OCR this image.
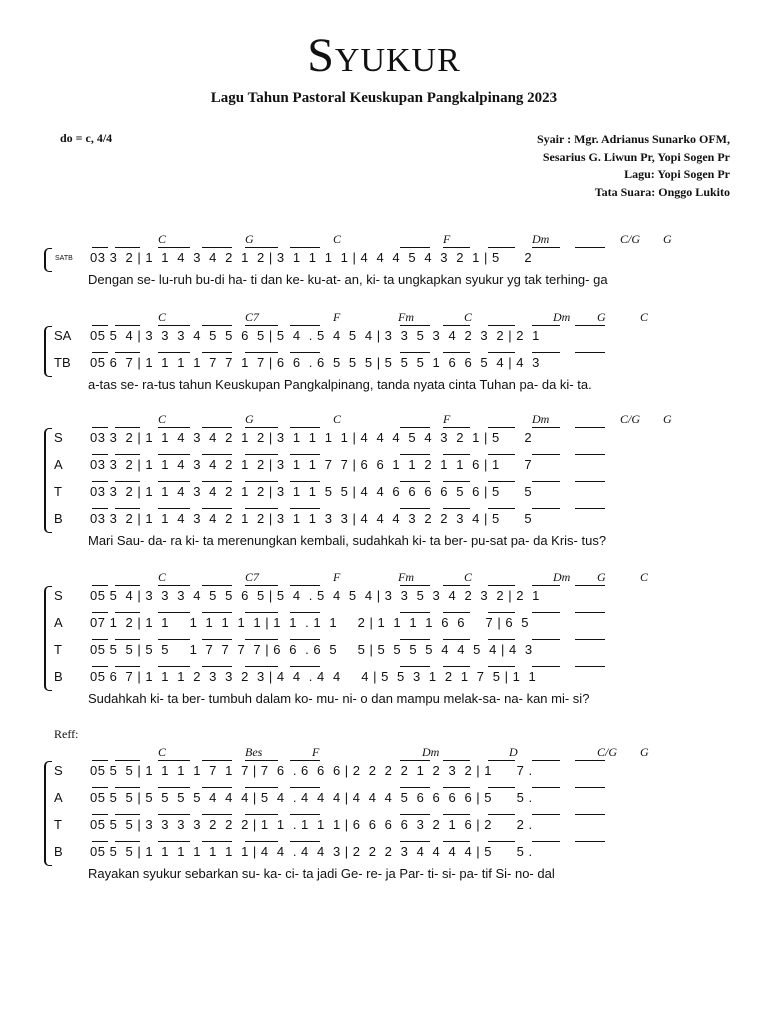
Syukur
Lagu Tahun Pastoral Keuskupan Pangkalpinang 2023
do = c, 4/4	Syair : Mgr. Adrianus Sunarko OFM,
Sesarius G. Liwun Pr, Yopi Sogen Pr
Lagu: Yopi Sogen Pr
Tata Suara: Onggo Lukito
Reff:
C	G	C	F	Dm	C/G G
SATB 03 3  2 | 1  1  4  3  4  2  1  2 | 3  1  1  1  1 | 4  4  4  5  4  3  2  1 | 5      2
Dengan se- lu-ruh bu-di ha- ti dan ke- ku-at- an, ki- ta ungkapkan syukur yg tak terhing- ga
C	C7	F	Fm	C	Dm G	C
SA 05 5  4 | 3  3  3  4  5  5  6  5 | 5  4  . 5  4  5  4 | 3  3  5  3  4  2  3  2 | 2  1
TB 05 6  7 | 1  1  1  1  7  7  1  7 | 6  6  . 6  5  5  5 | 5  5  5  1  6  6  5  4 | 4  3
a-tas se- ra-tus tahun Keuskupan Pangkalpinang, tanda nyata cinta Tuhan pa- da ki- ta.
C	G	C	F	Dm	C/G G
S 03 3  2 | 1  1  4  3  4  2  1  2 | 3  1  1  1  1 | 4  4  4  5  4  3  2  1 | 5      2
A 03 3  2 | 1  1  4  3  4  2  1  2 | 3  1  1  7  7 | 6  6  1  1  2  1  1  6 | 1      7
T 03 3  2 | 1  1  4  3  4  2  1  2 | 3  1  1  5  5 | 4  4  6  6  6  6  5  6 | 5      5
B 03 3  2 | 1  1  4  3  4  2  1  2 | 3  1  1  3  3 | 4  4  4  3  2  2  3  4 | 5      5
Mari Sau- da- ra ki- ta merenungkan kembali, sudahkah ki- ta ber- pu-sat pa- da Kris- tus?
C	C7	F	Fm	C	Dm G	C
S 05 5  4 | 3  3  3  4  5  5  6  5 | 5  4  . 5  4  5  4 | 3  3  5  3  4  2  3  2 | 2  1
A 07 1  2 | 1  1     1  1  1  1  1 | 1  1  . 1  1     2 | 1  1  1  1  6  6     7 | 6  5
T 05 5  5 | 5  5     1  7  7  7  7 | 6  6  . 6  5     5 | 5  5  5  5  4  4  5  4 | 4  3
B 05 6  7 | 1  1  1  2  3  3  2  3 | 4  4  . 4  4     4 | 5  5  3  1  2  1  7  5 | 1  1
Sudahkah ki- ta ber- tumbuh dalam ko- mu- ni- o dan mampu melak-sa- na- kan mi- si?
C	Bes	F	Dm	D	C/G G
S 05 5  5 | 1  1  1  1  7  1  7 | 7  6  . 6  6  6 | 2  2  2  2  1  2  3  2 | 1      7 .
A 05 5  5 | 5  5  5  5  4  4  4 | 5  4  . 4  4  4 | 4  4  4  5  6  6  6  6 | 5      5 .
T 05 5  5 | 3  3  3  3  2  2  2 | 1  1  . 1  1  1 | 6  6  6  6  3  2  1  6 | 2      2 .
B 05 5  5 | 1  1  1  1  1  1  1 | 4  4  . 4  4  3 | 2  2  2  3  4  4  4  4 | 5      5 .
Rayakan syukur sebarkan su- ka- ci- ta jadi Ge- re- ja Par- ti- si- pa- tif Si- no- dal
